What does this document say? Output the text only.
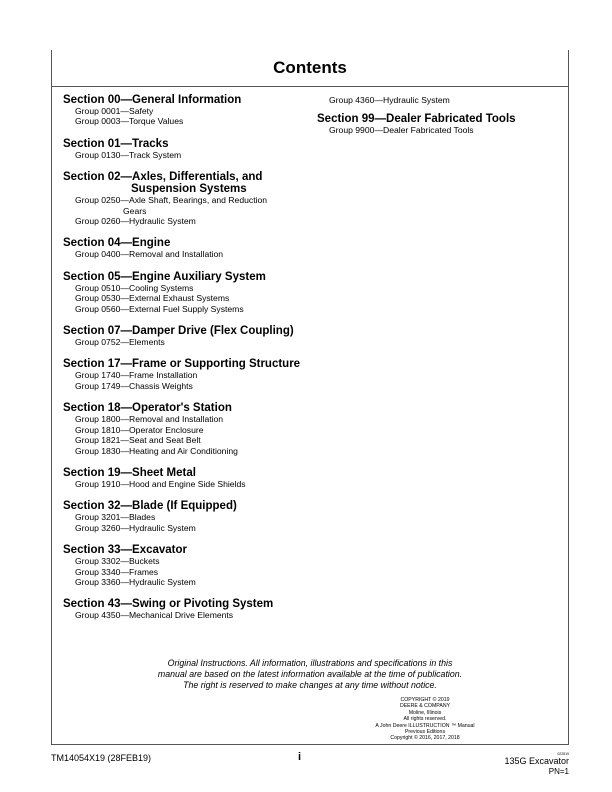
Contents

Section 00—General Information

Group 0001—Safety

Group 0003—Torque Values

Section 01—Tracks

Group 0130—Track System

Section 02—Axles, Differentials, and
Suspension Systems

Group 0250—Axle Shaft, Bearings, and Reduction
Gears

Group 0260—Hydraulic System

Section 04—Engine

Group 0400—Removal and Installation

Section 05—Engine Auxiliary System

Group 0510—Cooling Systems

Group 0530—External Exhaust Systems

Group 0560—External Fuel Supply Systems

Section 07—Damper Drive (Flex Coupling)

Group 0752—Elements

Section 17—Frame or Supporting Structure

Group 1740—Frame Installation

Group 1749—Chassis Weights

Section 18—Operator's Station

Group 1800—Removal and Installation

Group 1810—Operator Enclosure

Group 1821—Seat and Seat Belt

Group 1830—Heating and Air Conditioning

Section 19—Sheet Metal

Group 1910—Hood and Engine Side Shields

Section 32—Blade (If Equipped)

Group 3201—Blades

Group 3260—Hydraulic System

Section 33—Excavator

Group 3302—Buckets

Group 3340—Frames

Group 3360—Hydraulic System

Section 43—Swing or Pivoting System

Group 4350—Mechanical Drive Elements

Group 4360—Hydraulic System

Section 99—Dealer Fabricated Tools

Group 9900—Dealer Fabricated Tools

Original Instructions. All information, illustrations and specifications in this
manual are based on the latest information available at the time of publication.
The right is reserved to make changes at any time without notice.

COPYRIGHT © 2019
DEERE & COMPANY
Moline, Illinois
All rights reserved.
A John Deere ILLUSTRUCTION ™ Manual
Previous Editions
Copyright © 2016, 2017, 2018
TM14054X19 (28FEB19)	i	022819
135G Excavator
PN=1
